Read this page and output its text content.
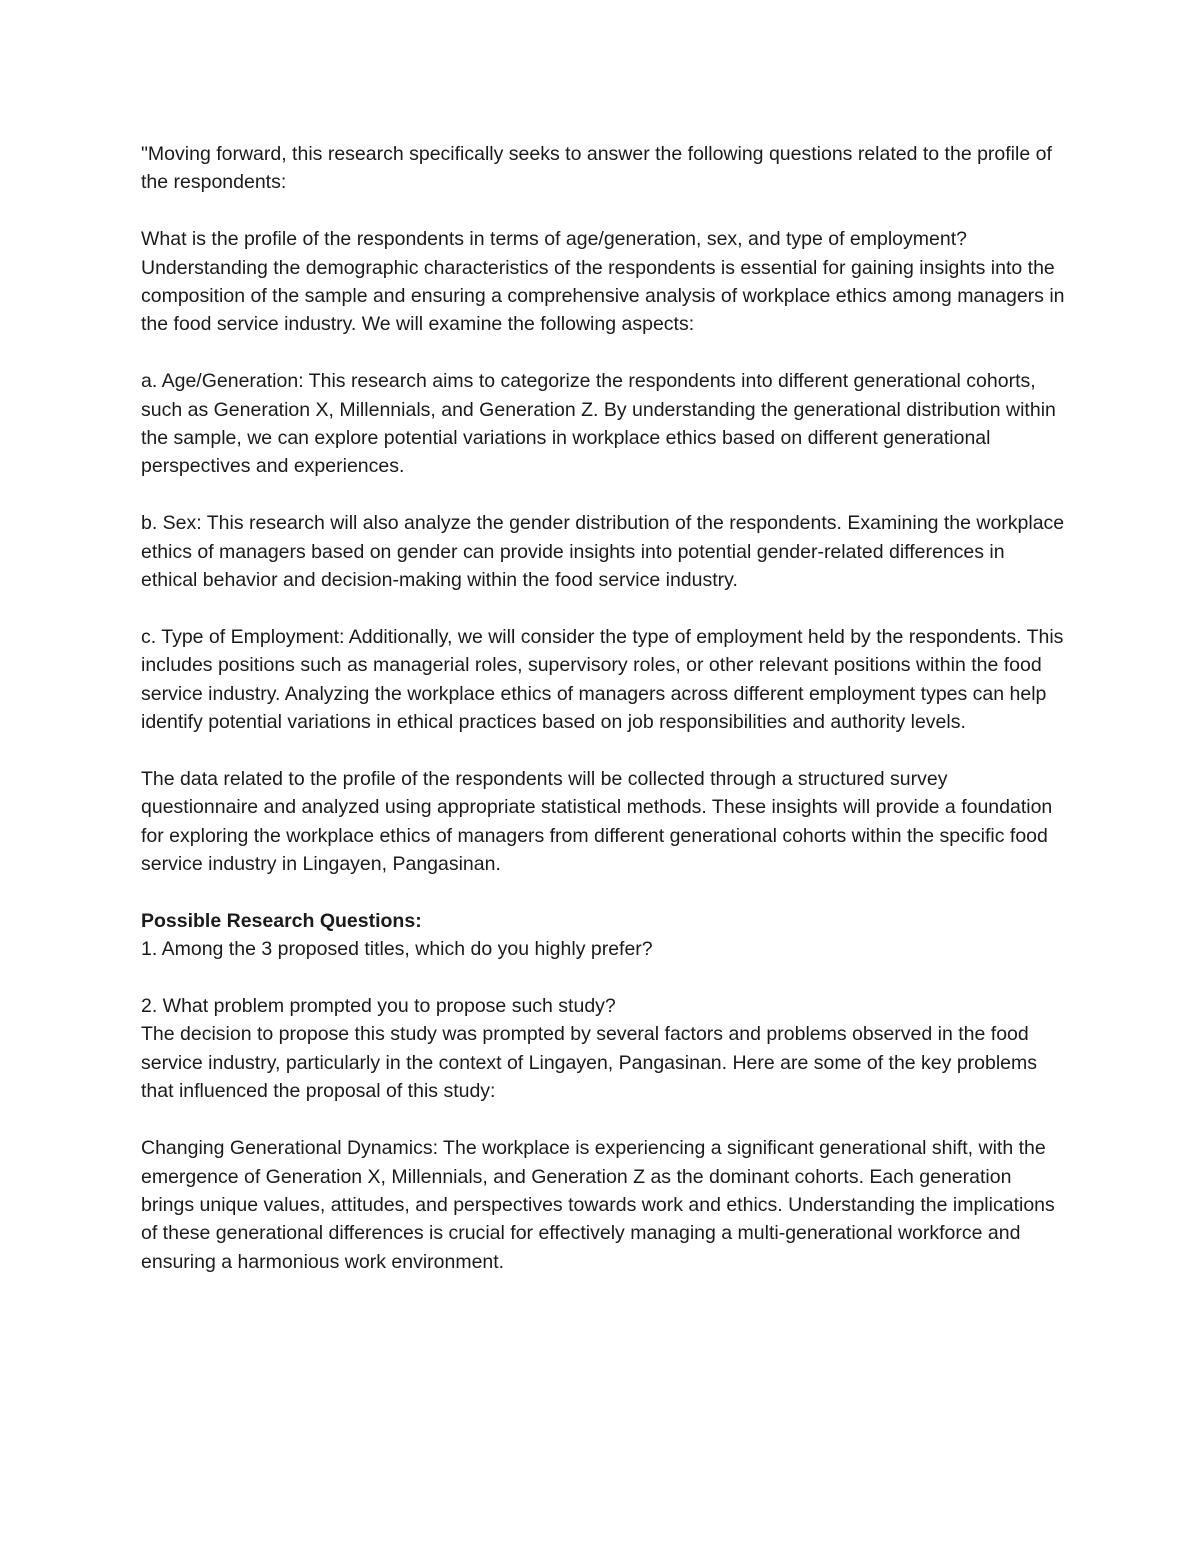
"Moving forward, this research specifically seeks to answer the following questions related to the profile of the respondents:

What is the profile of the respondents in terms of age/generation, sex, and type of employment? Understanding the demographic characteristics of the respondents is essential for gaining insights into the composition of the sample and ensuring a comprehensive analysis of workplace ethics among managers in the food service industry. We will examine the following aspects:

a. Age/Generation: This research aims to categorize the respondents into different generational cohorts, such as Generation X, Millennials, and Generation Z. By understanding the generational distribution within the sample, we can explore potential variations in workplace ethics based on different generational perspectives and experiences.

b. Sex: This research will also analyze the gender distribution of the respondents. Examining the workplace ethics of managers based on gender can provide insights into potential gender-related differences in ethical behavior and decision-making within the food service industry.

c. Type of Employment: Additionally, we will consider the type of employment held by the respondents. This includes positions such as managerial roles, supervisory roles, or other relevant positions within the food service industry. Analyzing the workplace ethics of managers across different employment types can help identify potential variations in ethical practices based on job responsibilities and authority levels.

The data related to the profile of the respondents will be collected through a structured survey questionnaire and analyzed using appropriate statistical methods. These insights will provide a foundation for exploring the workplace ethics of managers from different generational cohorts within the specific food service industry in Lingayen, Pangasinan.

Possible Research Questions:

1. Among the 3 proposed titles, which do you highly prefer?

2. What problem prompted you to propose such study?

The decision to propose this study was prompted by several factors and problems observed in the food service industry, particularly in the context of Lingayen, Pangasinan. Here are some of the key problems that influenced the proposal of this study:

Changing Generational Dynamics: The workplace is experiencing a significant generational shift, with the emergence of Generation X, Millennials, and Generation Z as the dominant cohorts. Each generation brings unique values, attitudes, and perspectives towards work and ethics. Understanding the implications of these generational differences is crucial for effectively managing a multi-generational workforce and ensuring a harmonious work environment.
